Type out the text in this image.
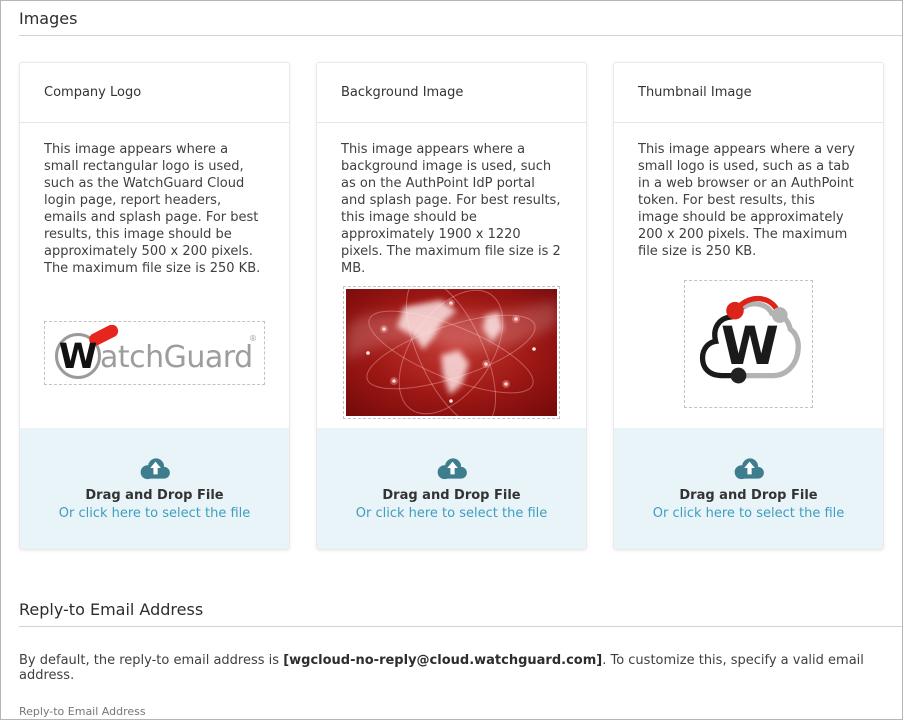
Images
Company Logo
This image appears where a small rectangular logo is used, such as the WatchGuard Cloud login page, report headers, emails and splash page. For best results, this image should be approximately 500 x 200 pixels. The maximum file size is 250 KB.
W atchGuard
®
Drag and Drop File
Or click here to select the file
Background Image
This image appears where a background image is used, such as on the AuthPoint IdP portal and splash page. For best results, this image should be approximately 1900 x 1220 pixels. The maximum file size is 2 MB.
Drag and Drop File
Or click here to select the file
Thumbnail Image
This image appears where a very small logo is used, such as a tab in a web browser or an AuthPoint token. For best results, this image should be approximately 200 x 200 pixels. The maximum file size is 250 KB.
W
Drag and Drop File
Or click here to select the file
Reply-to Email Address

By default, the reply-to email address is [wgcloud-no-reply@cloud.watchguard.com]. To customize this, specify a valid email address.

Reply-to Email Address
